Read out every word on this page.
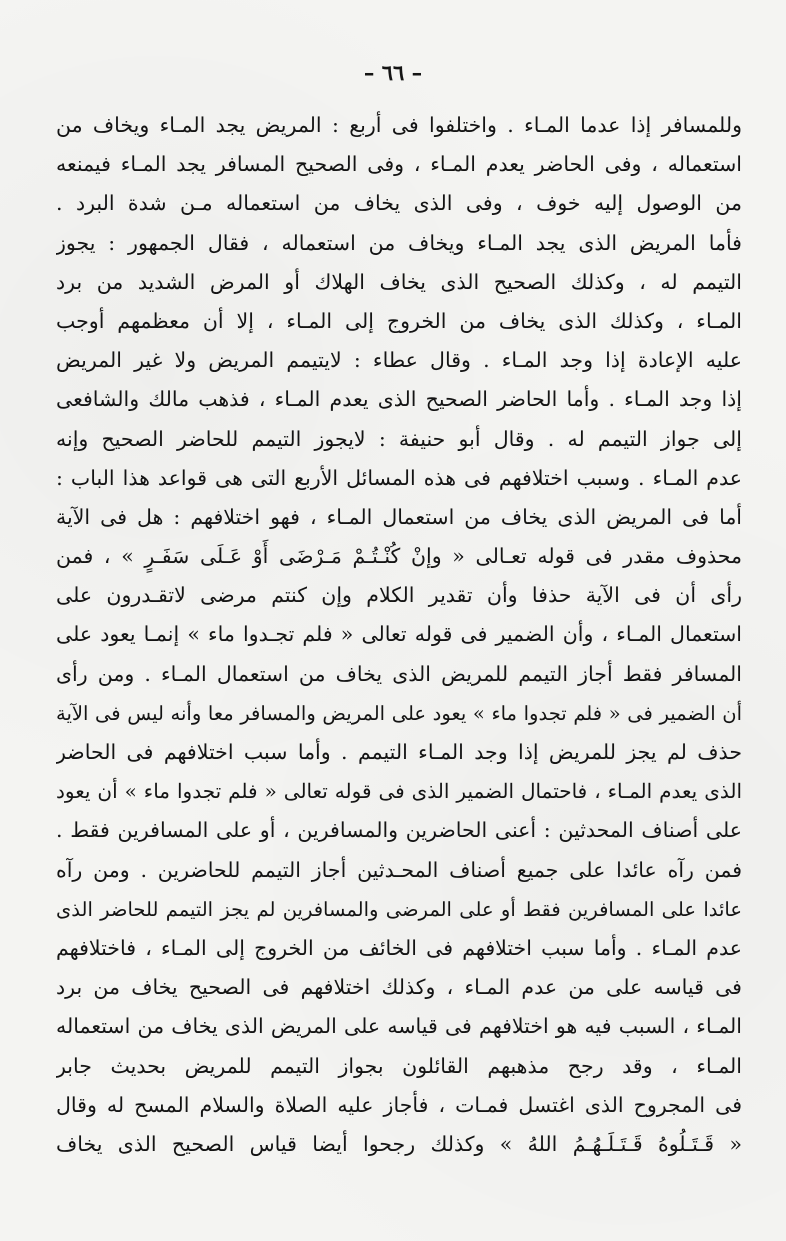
– ٦٦ –
وللمسافر إذا عدما المـاء . واختلفوا فى أربع : المريض يجد المـاء ويخاف من
استعماله ، وفى الحاضر يعدم المـاء ، وفى الصحيح المسافر يجد المـاء فيمنعه
من الوصول إليه خوف ، وفى الذى يخاف من استعماله مـن شدة البرد .
فأما المريض الذى يجد المـاء ويخاف من استعماله ، فقال الجمهور : يجوز
التيمم له ، وكذلك الصحيح الذى يخاف الهلاك أو المرض الشديد من برد
المـاء ، وكذلك الذى يخاف من الخروج إلى المـاء ، إلا أن معظمهم أوجب
عليه الإعادة إذا وجد المـاء . وقال عطاء : لايتيمم المريض ولا غير المريض
إذا وجد المـاء . وأما الحاضر الصحيح الذى يعدم المـاء ، فذهب مالك والشافعى
إلى جواز التيمم له . وقال أبو حنيفة : لايجوز التيمم للحاضر الصحيح وإنه
عدم المـاء . وسبب اختلافهم فى هذه المسائل الأربع التى هى قواعد هذا الباب :
أما فى المريض الذى يخاف من استعمال المـاء ، فهو اختلافهم : هل فى الآية
محذوف مقدر فى قوله تعـالى « وإنْ كُنْـتُـمْ مَـرْضَى أَوْ عَـلَى سَفَـرٍ » ، فمن
رأى أن فى الآية حذفا وأن تقدير الكلام وإن كنتم مرضى لاتقـدرون على
استعمال المـاء ، وأن الضمير فى قوله تعالى « فلم تجـدوا ماء » إنمـا يعود على
المسافر فقط أجاز التيمم للمريض الذى يخاف من استعمال المـاء . ومن رأى
أن الضمير فى « فلم تجدوا ماء » يعود على المريض والمسافر معا وأنه ليس فى الآية
حذف لم يجز للمريض إذا وجد المـاء التيمم . وأما سبب اختلافهم فى الحاضر
الذى يعدم المـاء ، فاحتمال الضمير الذى فى قوله تعالى « فلم تجدوا ماء » أن يعود
على أصناف المحدثين : أعنى الحاضرين والمسافرين ، أو على المسافرين فقط .
فمن رآه عائدا على جميع أصناف المحـدثين أجاز التيمم للحاضرين . ومن رآه
عائدا على المسافرين فقط أو على المرضى والمسافرين لم يجز التيمم للحاضر الذى
عدم المـاء . وأما سبب اختلافهم فى الخائف من الخروج إلى المـاء ، فاختلافهم
فى قياسه على من عدم المـاء ، وكذلك اختلافهم فى الصحيح يخاف من برد
المـاء ، السبب فيه هو اختلافهم فى قياسه على المريض الذى يخاف من استعماله
المـاء ، وقد رجح مذهبهم القائلون بجواز التيمم للمريض بحديث جابر
فى المجروح الذى اغتسل فمـات ، فأجاز عليه الصلاة والسلام المسح له وقال
« قَـتَـلُوهُ قَـتَـلَـهُـمُ اللهُ » وكذلك رجحوا أيضا قياس الصحيح الذى يخاف
